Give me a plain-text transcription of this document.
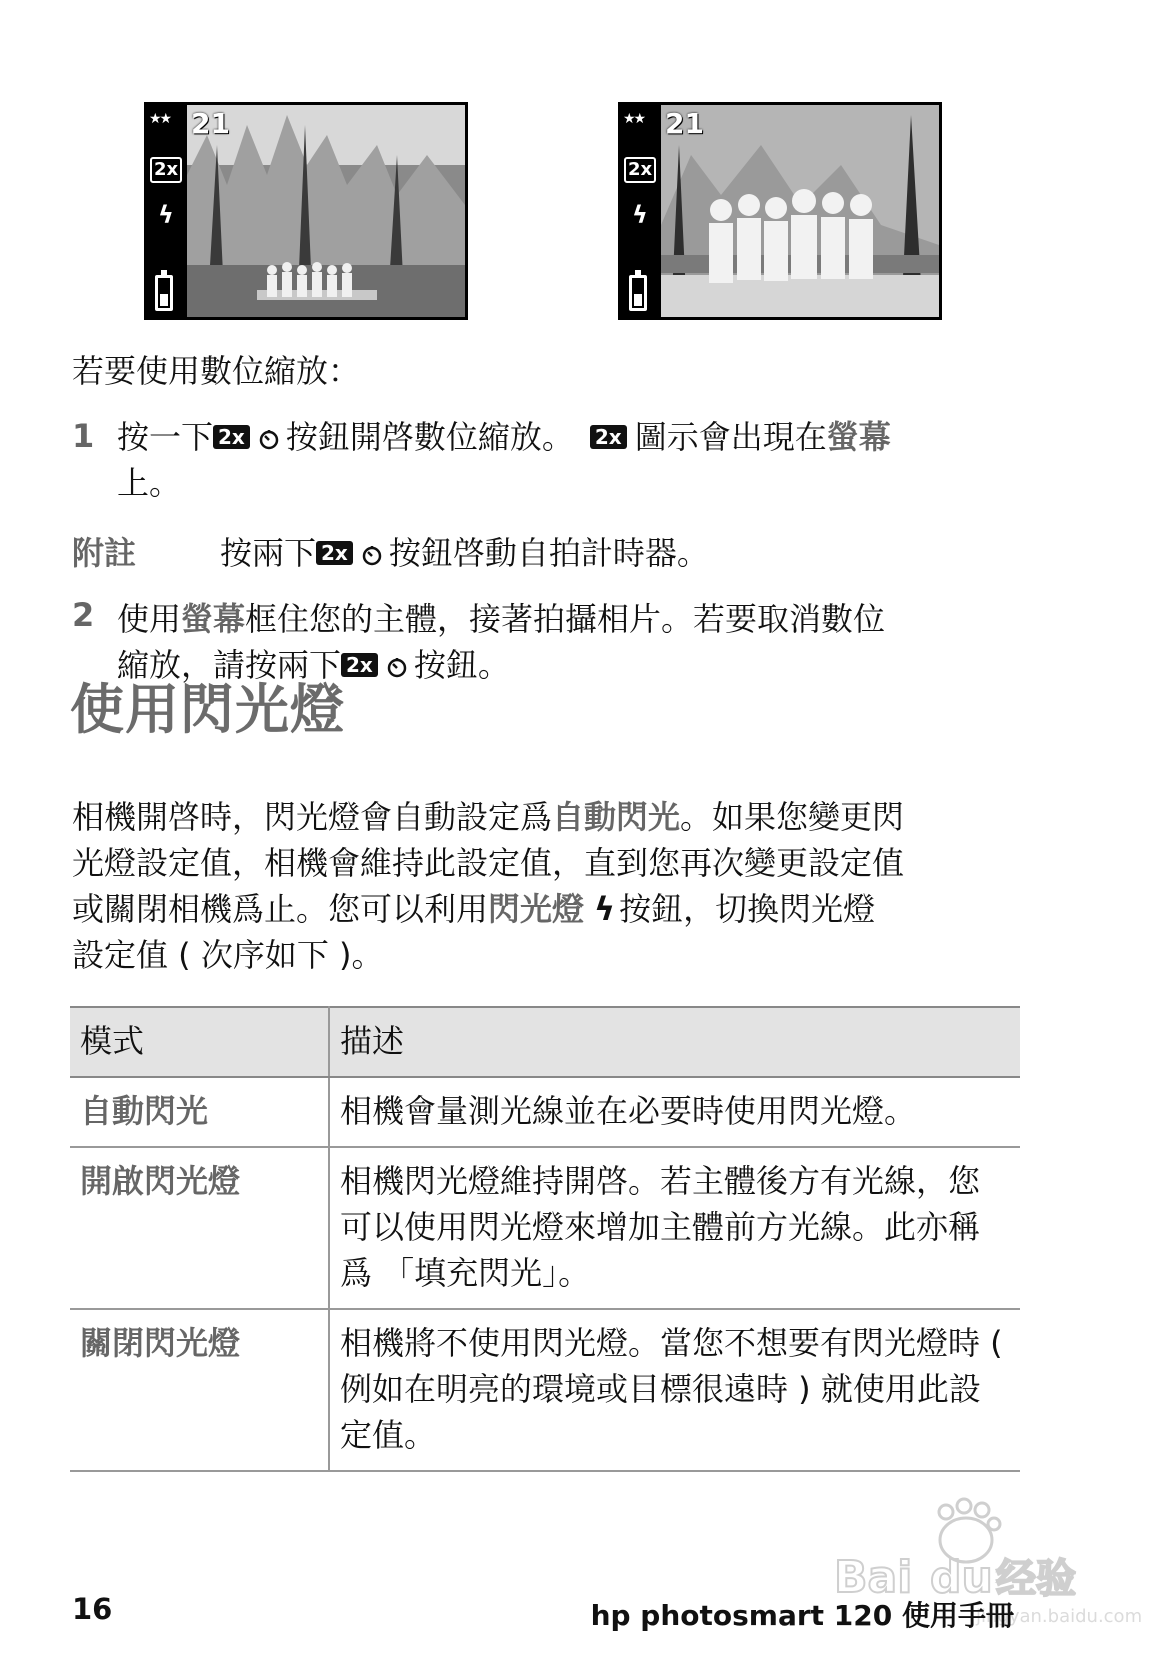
★★ 21
2x
ϟ
★★ 21
2x
ϟ
若要使用數位縮放：
1 按一下 2x 按鈕開啓數位縮放。 2x 圖示會出現在螢幕
上。
附註	按兩下 2x 按鈕啓動自拍計時器。
2 使用螢幕框住您的主體，接著拍攝相片。若要取消數位
縮放，請按兩下 2x 按鈕。
使用閃光燈
相機開啓時，閃光燈會自動設定爲自動閃光。如果您變更閃
光燈設定值，相機會維持此設定值，直到您再次變更設定值
或關閉相機爲止。您可以利用閃光燈 ϟ 按鈕，切換閃光燈
設定值 ( 次序如下 )。
模式	描述
自動閃光	相機會量測光線並在必要時使用閃光燈。
開啟閃光燈	相機閃光燈維持開啓。若主體後方有光線，您可以使用閃光燈來增加主體前方光線。此亦稱爲 「填充閃光」。
關閉閃光燈	相機將不使用閃光燈。當您不想要有閃光燈時 ( 例如在明亮的環境或目標很遠時 ) 就使用此設定值。
Bai du 经验
jingyan.baidu.com
16	hp photosmart 120 使用手冊
